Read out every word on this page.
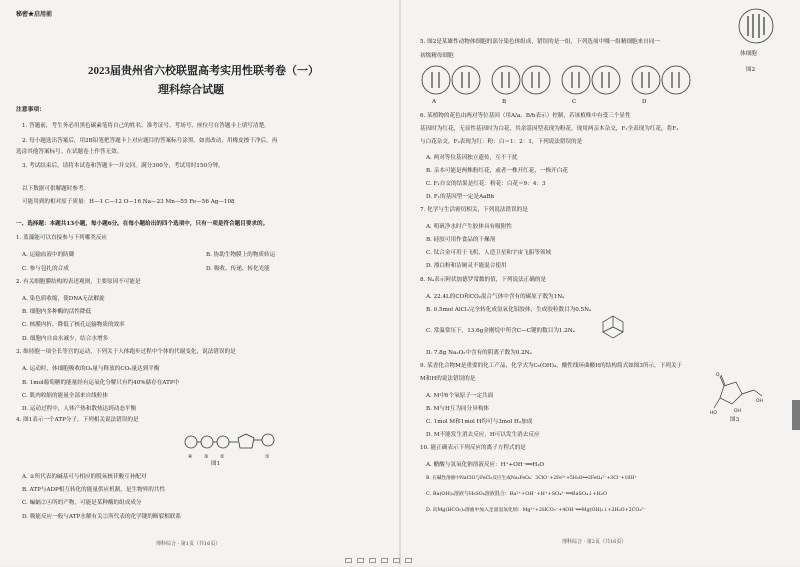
秘密★启用前
2023届贵州省六校联盟高考实用性联考卷（一）
理科综合试题
注意事项：
1. 答题前，考生务必用黑色碳素笔将自己的姓名、准考证号、考场号、座位号在答题卡上填写清楚。
2. 每小题选出答案后，用2B铅笔把答题卡上对应题目的答案标号涂黑。如需改动，用橡皮擦干净后，再
选涂其他答案标号。在试题卷上作答无效。
3. 考试结束后，请将本试卷和答题卡一并交回。满分300分，考试用时150分钟。
以下数据可供解题时参考。
可能用到的相对原子质量：H—1 C—12 O—16 Na—23 Mn—55 Fe—56 Ag—108
一、选择题：本题共13小题，每小题6分。在每小题给出的四个选项中，只有一项是符合题目要求的。
1. 蓝藻能可以直接参与下列哪类反应
A. 运输血液中的防御	B. 协助生物膜上的物质转运
C. 参与包扎的合成	D. 吸收、传递、转化光能
2. 有关细胞膜结构的表述观则，主要原因不可能是
A. 染色质收缩，使DNA无法解旋
B. 细胞内多种酶的活性降低
C. 核膜内折，降低了核孔运输物质的效率
D. 细胞内自由水减少，结合水增多
3. 维持胞一项全长等宫的运动，下列关于人体跑步过程中个体的代谢变化，说法错误的是
A. 运动时，体细胞吸收的O₂量与释放的CO₂量达到平衡
B. 1mol葡萄糖的能量经有运氧化分解只有约40%储存在ATP中
C. 肌肉收缩的能量全部来自线粒体
D. 运动过程中，人体产热和散热达到动态平衡
4. 图1表示一个ATP分子，下列相关说法错误的是
④ ③ ②	①
图1
A. ①所代表的碱基可与相应的脱氧核苷酸互补配对
B. ATP与ADP相互转化的能量供应机制，是生物界的共性
C. 蝙蝠②④所的产物，可能是某种酶的组成成分
D. 吸能反应一般与ATP水解有关②所代表的化学键的断裂相联系
理科综合 · 第1页（共16页）
5. 图2是某雄性动物体细胞的部分染色体组成，错误的是一组，下列选项中哪一组精细胞来自同一
初级精母细胞	体细胞
图2
A	B	C	D
6. 某植物的花色由两对等位基因（用A/a、B/b表示）控制，若该植株中有受三个显性
基因时为红花，无显性基因时为白花，其余基因型表现为粉花。现用两亲本杂交，F₁全表现为红花，将F₁
与白花杂交，F₂表现为红：粉：白＝1：2：1，下列说法错误的是
A. 两对等位基因独立遗传，互不干扰
B. 亲本可能是两株粉红花，或者一株开红花、一株开白花
C. F₁自交的结果是红花：粉花：白花＝9：4：3
D. F₁的基因型一定是AaBb
7. 化学与生活密切相关，下列说法错误的是
A. 明矾净水时产生胶体具有吸附性
B. 硅胶可用作食品的干燥剂
C. 钛合金可用于飞机、人造卫星和宇宙飞船等领域
D. 漂白粉和洁厕灵不能混合使用
8. Nₐ表示阿伏加德罗常数的值，下列说法正确的是
A. 22.4L的CO和CO₂混合气体中含有的碳原子数为1Nₐ
B. 0.5mol AlCl₃完全转化成氢氧化铝胶体，生成胶粒数目为0.5Nₐ
C. 常温常压下，13.6g金刚烷中所含C—C键的数目为1.2Nₐ
D. 7.8g Na₂O₂中含有的阴离子数为0.2Nₐ
9. 某香化合物M是重要的化工产品，化学式为C₆(OH)₄，酸性线环曲酸H的结构简式如图3所示，下列关于
M和H的说法错误的是
OH
HO	OH
O
图3
A. M中6个氧原子一定共面
B. M与H互为同分异构体
C. 1mol M和1mol H均可与3mol H₂加成
D. M不能发生消去反应，H可以发生消去反应
10. 能正确表示下列反应的离子方程式的是
A. 醋酸与氢氧化钠溶液反应：H⁺+OH⁻══H₂O
B. 在碱性溶液中NaClO与FeCl₂反应生成Na₂FeO₄：3ClO⁻+2Fe³⁺+5H₂O══2FeO₄²⁻+3Cl⁻+10H⁺
C. Ba(OH)₂溶液与H₂SO₄溶液混合：Ba²⁺+OH⁻+H⁺+SO₄²⁻══BaSO₄↓+H₂O
D. 向Mg(HCO₃)₂溶液中加入足量氢氧化钠：Mg²⁺+2HCO₃⁻+4OH⁻══Mg(OH)₂↓+2H₂O+2CO₃²⁻
理科综合 · 第2页（共16页）
